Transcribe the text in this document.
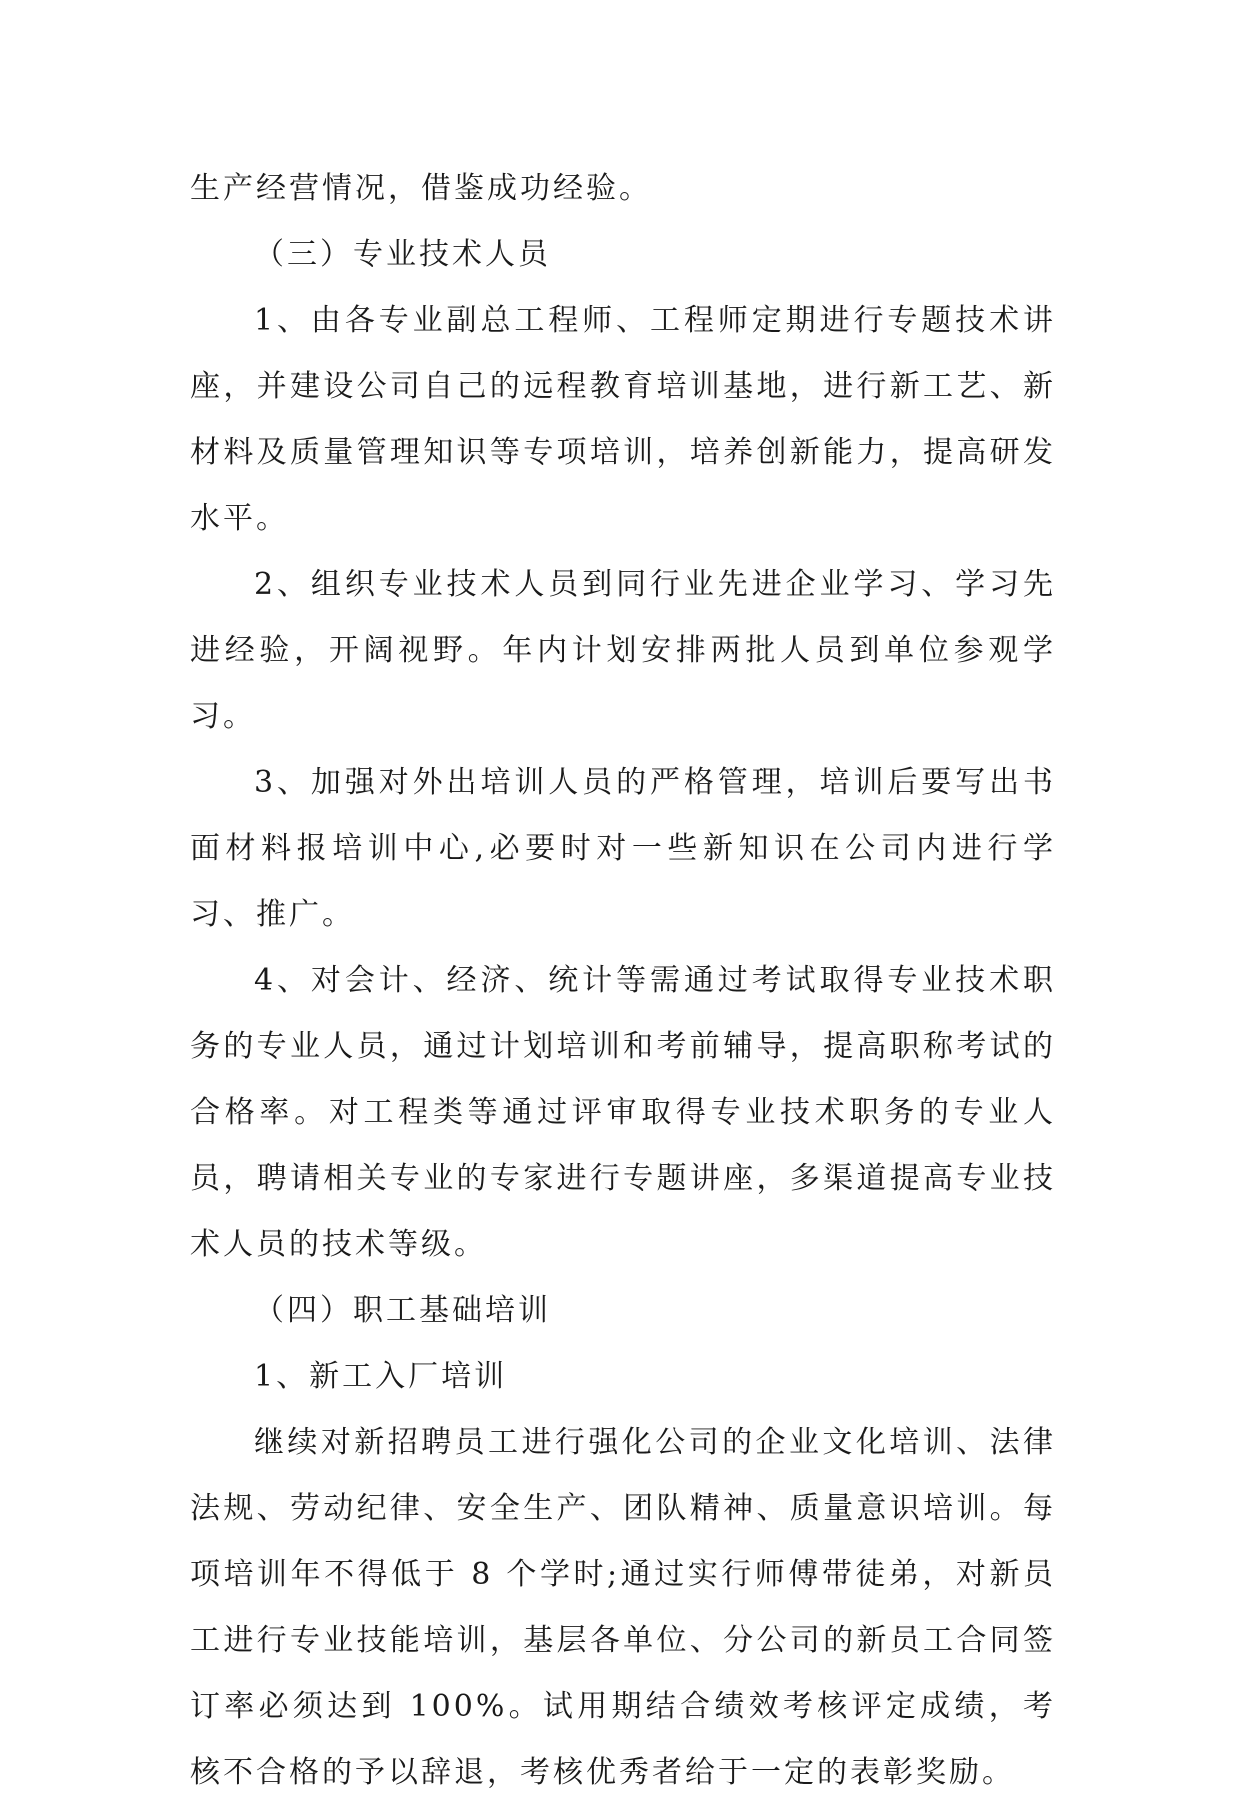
生产经营情况，借鉴成功经验。

（三）专业技术人员

1、由各专业副总工程师、工程师定期进行专题技术讲座，并建设公司自己的远程教育培训基地，进行新工艺、新材料及质量管理知识等专项培训，培养创新能力，提高研发水平。

2、组织专业技术人员到同行业先进企业学习、学习先进经验，开阔视野。年内计划安排两批人员到单位参观学习。

3、加强对外出培训人员的严格管理，培训后要写出书面材料报培训中心,必要时对一些新知识在公司内进行学习、推广。

4、对会计、经济、统计等需通过考试取得专业技术职务的专业人员，通过计划培训和考前辅导，提高职称考试的合格率。对工程类等通过评审取得专业技术职务的专业人员，聘请相关专业的专家进行专题讲座，多渠道提高专业技术人员的技术等级。

（四）职工基础培训

1、新工入厂培训

继续对新招聘员工进行强化公司的企业文化培训、法律法规、劳动纪律、安全生产、团队精神、质量意识培训。每项培训年不得低于 8 个学时;通过实行师傅带徒弟，对新员工进行专业技能培训，基层各单位、分公司的新员工合同签订率必须达到 100%。试用期结合绩效考核评定成绩，考核不合格的予以辞退，考核优秀者给于一定的表彰奖励。
